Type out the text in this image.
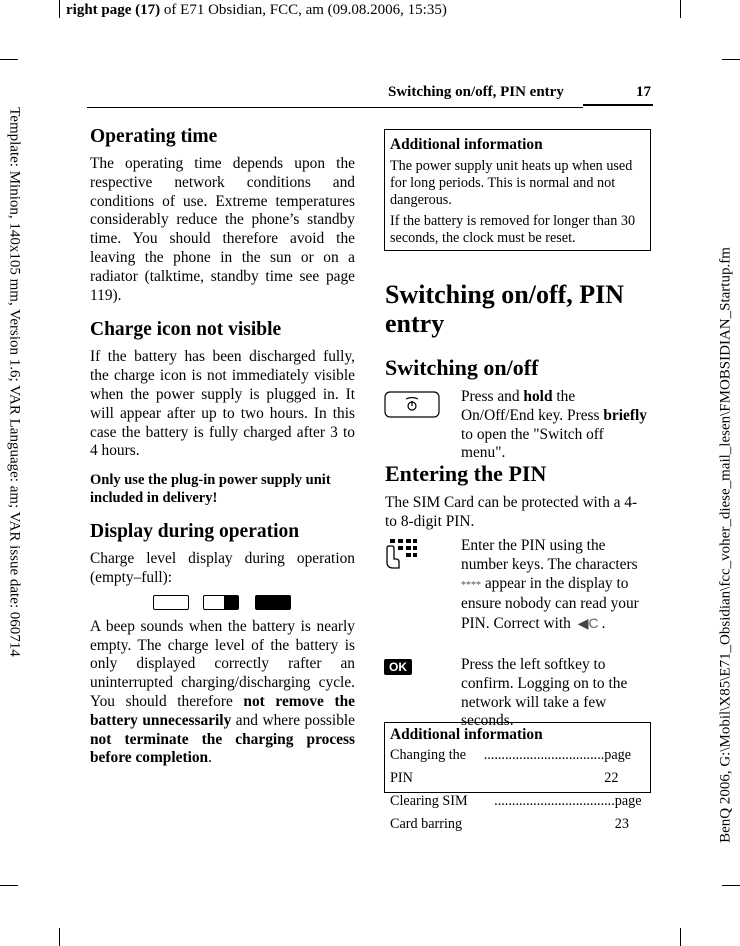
right page (17) of E71 Obsidian, FCC, am (09.08.2006, 15:35)
Template: Minion, 140x105 mm, Version 1.6; VAR Language: am; VAR issue date: 060714	BenQ 2006, G:\Mobil\X85\E71_Obsidian\fcc_voher_diese_mail_lesen\FMOBSIDIAN_Startup.fm
Switching on/off, PIN entry	17
Operating time

The operating time depends upon the respective network conditions and conditions of use. Extreme temperatures considerably reduce the phone’s standby time. You should therefore avoid the leaving the phone in the sun or on a radiator (talktime, standby time see page 119).

Charge icon not visible

If the battery has been discharged fully, the charge icon is not immediately visible when the power supply is plugged in. It will appear after up to two hours. In this case the battery is fully charged after 3 to 4 hours.

Only use the plug-in power supply unit included in delivery!
Display during operation

Charge level display during operation (empty–full):

A beep sounds when the battery is nearly empty. The charge level of the battery is only displayed correctly rafter an uninterrupted charging/discharging cycle. You should therefore not remove the battery unnecessarily and where possible not terminate the charging process before completion.

Additional information

The power supply unit heats up when used for long periods. This is normal and not dangerous.

If the battery is removed for longer than 30 seconds, the clock must be reset.

Switching on/off, PIN entry
Switching on/off
Press and hold the On/Off/End key. Press briefly to open the "Switch off menu".
Entering the PIN

The SIM Card can be protected with a 4-to 8-digit PIN.

Enter the PIN using the number keys. The characters **** appear in the display to ensure nobody can read your PIN. Correct with ◀C .
OK	Press the left softkey to confirm. Logging on to the network will take a few seconds.
Additional information
Changing the PIN
.................................. page 22
Clearing SIM Card barring
.................................. page 23
